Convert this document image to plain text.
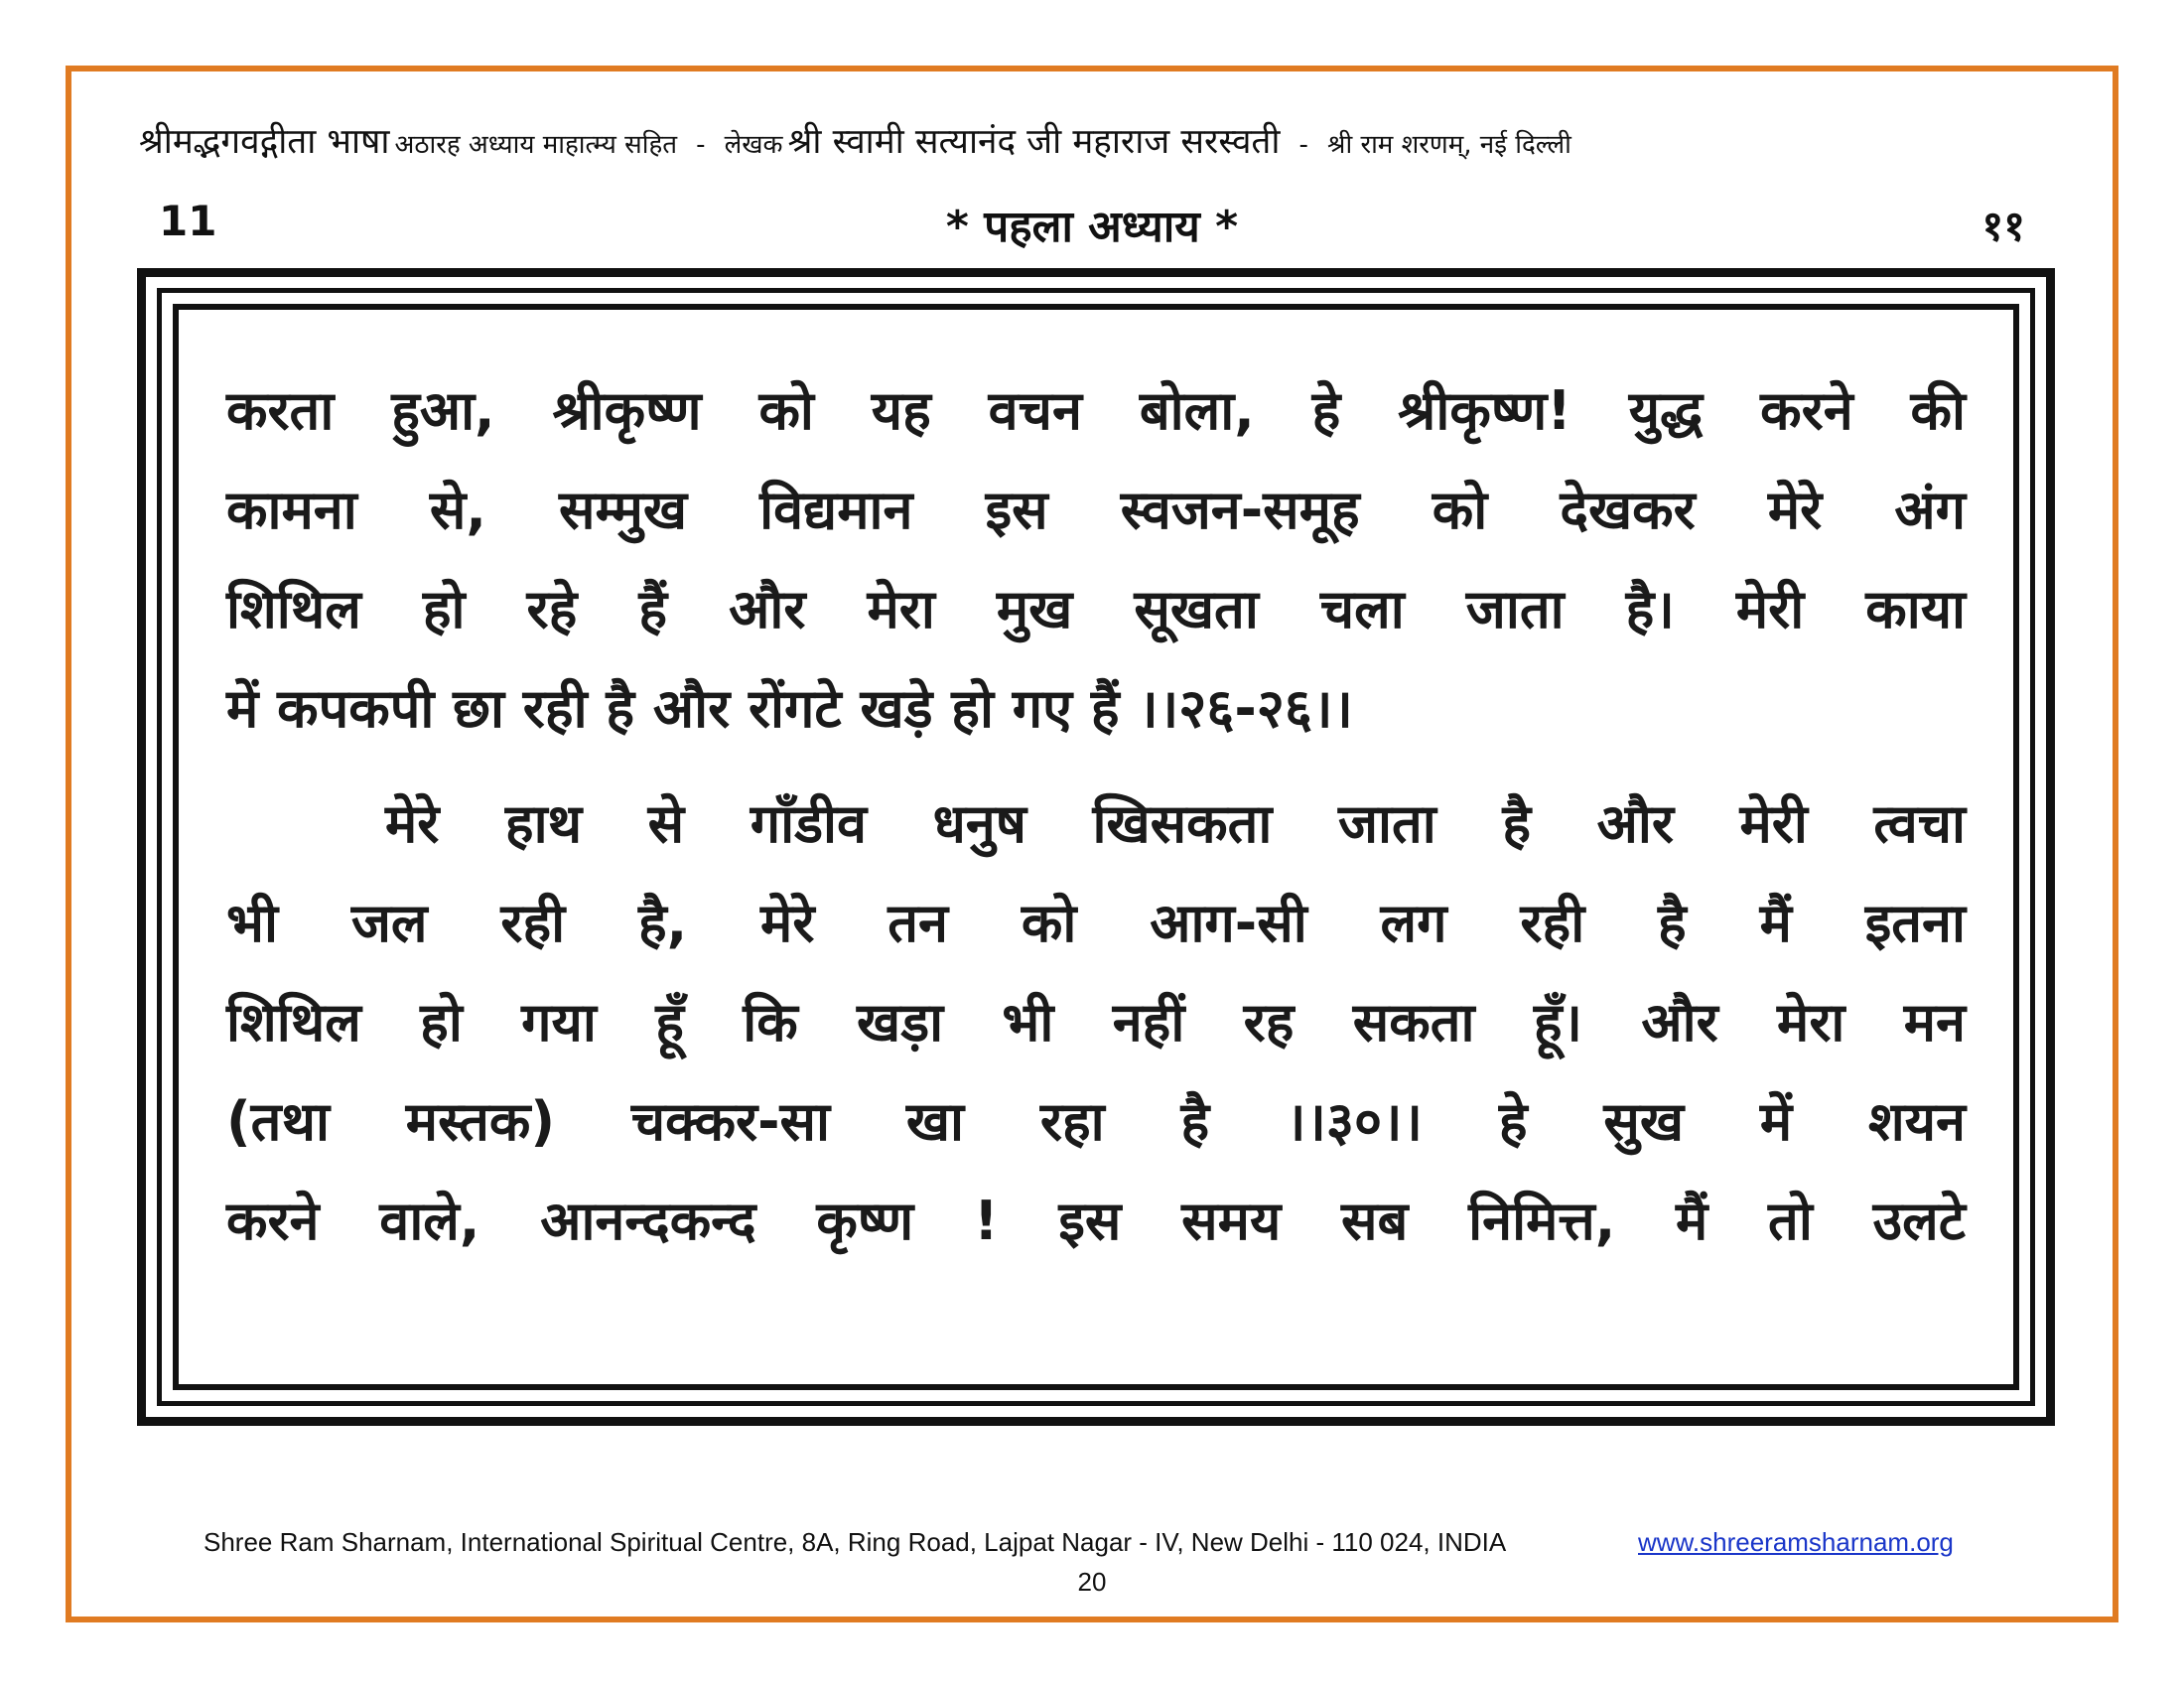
श्रीमद्भगवद्गीता भाषा अठारह अध्याय माहात्म्य सहित - लेखक श्री स्वामी सत्यानंद जी महाराज सरस्वती - श्री राम शरणम्, नई दिल्ली
11	* पहला अध्याय *	११
करता हुआ, श्रीकृष्ण को यह वचन बोला, हे श्रीकृष्ण! युद्ध करने की
कामना से, सम्मुख विद्यमान इस स्वजन-समूह को देखकर मेरे अंग
शिथिल हो रहे हैं और मेरा मुख सूखता चला जाता है। मेरी काया
में कपकपी छा रही है और रोंगटे खड़े हो गए हैं ।।२६-२६।।
मेरे हाथ से गाँडीव धनुष खिसकता जाता है और मेरी त्वचा
भी जल रही है, मेरे तन को आग-सी लग रही है मैं इतना
शिथिल हो गया हूँ कि खड़ा भी नहीं रह सकता हूँ। और मेरा मन
(तथा मस्तक) चक्कर-सा खा रहा है ।।३०।। हे सुख में शयन
करने वाले, आनन्दकन्द कृष्ण ! इस समय सब निमित्त, मैं तो उलटे
Shree Ram Sharnam, International Spiritual Centre, 8A, Ring Road, Lajpat Nagar - IV, New Delhi - 110 024, INDIA	www.shreeramsharnam.org
20
